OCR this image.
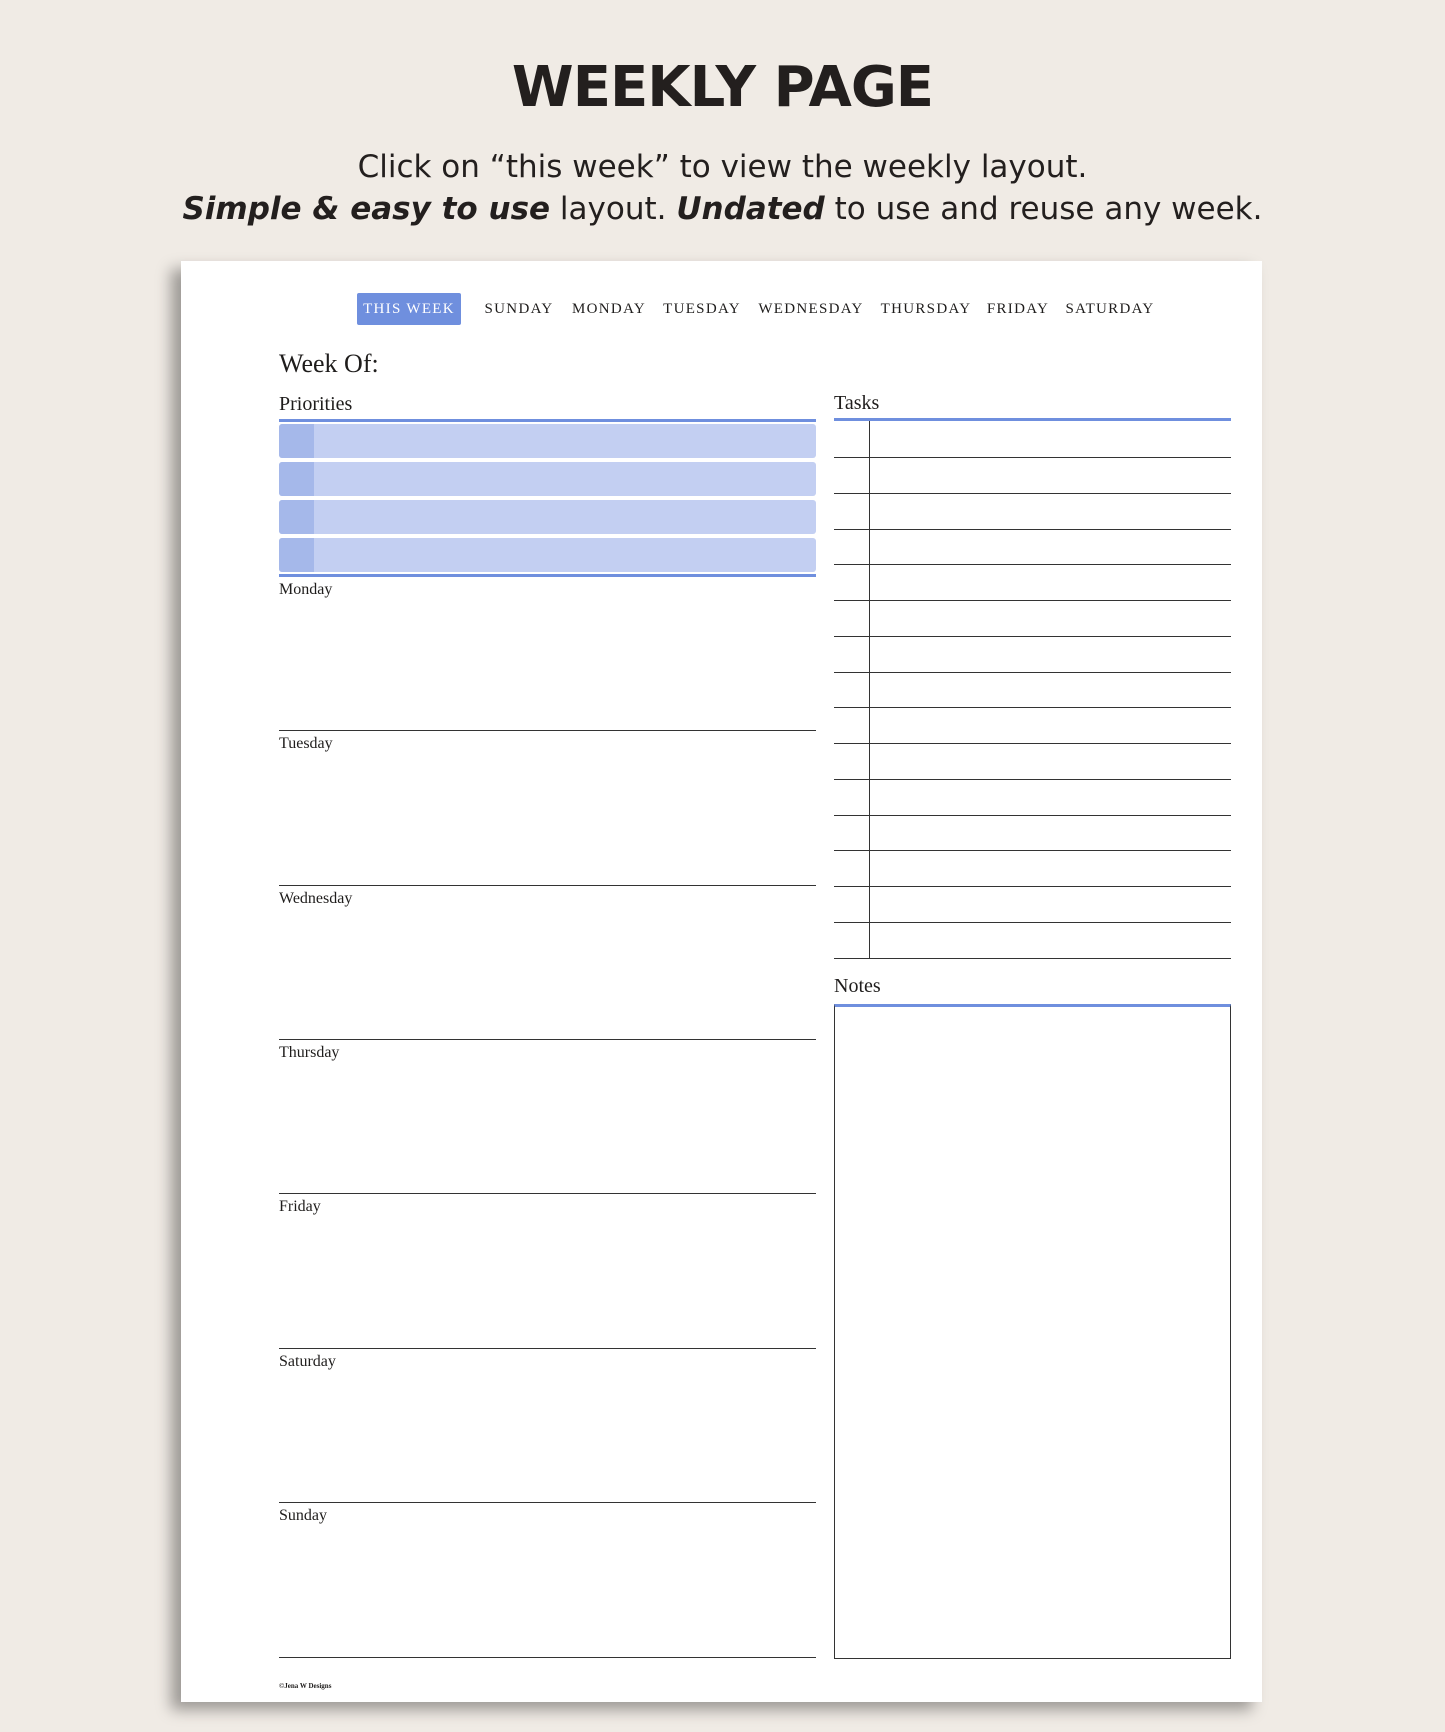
WEEKLY PAGE
Click on “this week” to view the weekly layout.
Simple & easy to use layout. Undated to use and reuse any week.
THIS WEEK	SUNDAY	MONDAY	TUESDAY	WEDNESDAY	THURSDAY	FRIDAY	SATURDAY
Week Of:
Priorities
Monday
Tuesday
Wednesday
Thursday
Friday
Saturday
Sunday
Tasks
Notes
©Jena W Designs
